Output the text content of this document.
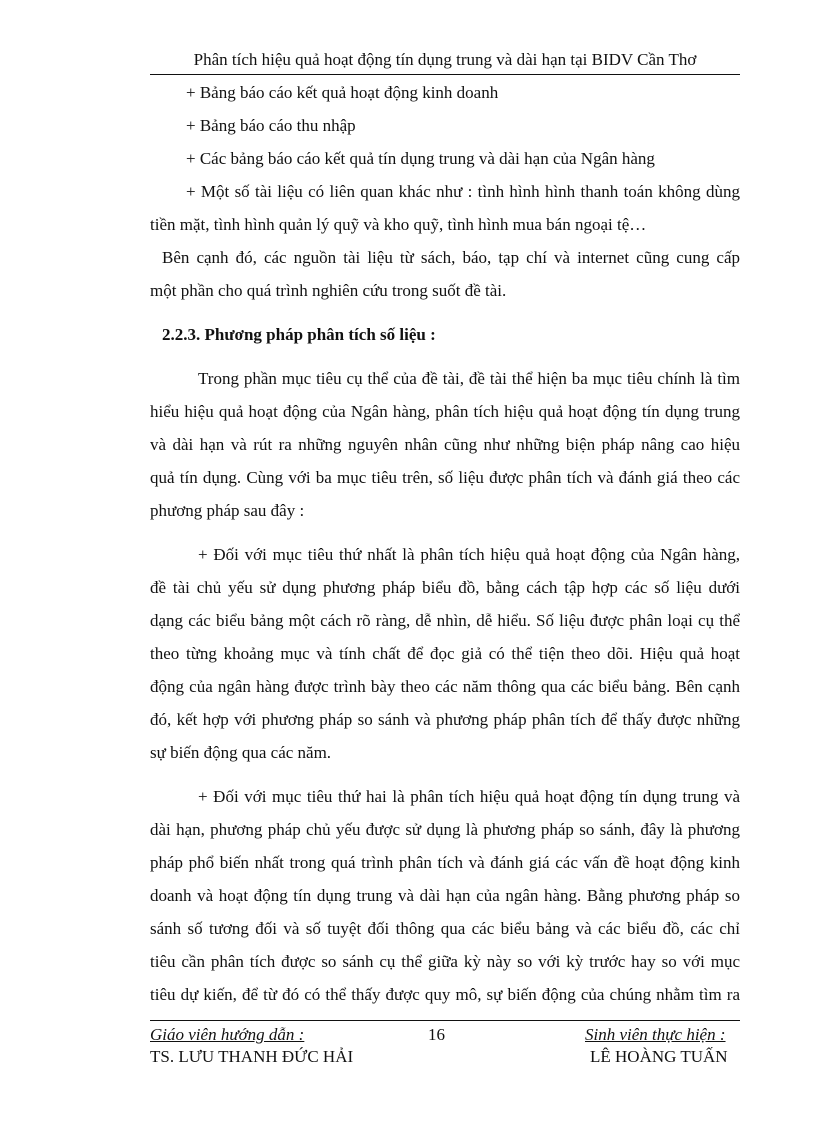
Phân tích hiệu quả hoạt động tín dụng trung và dài hạn tại BIDV Cần Thơ
+ Bảng báo cáo kết quả hoạt động kinh doanh
+ Bảng báo cáo thu nhập
+ Các bảng báo cáo kết quả tín dụng trung và dài hạn của Ngân hàng
+ Một số tài liệu có liên quan khác như : tình hình hình thanh toán không dùng
tiền mặt, tình hình quản lý quỹ và kho quỹ, tình hình mua bán ngoại tệ…
Bên cạnh đó, các nguồn tài liệu từ sách, báo, tạp chí và internet cũng cung cấp
một phần cho quá trình nghiên cứu trong suốt đề tài.
2.2.3. Phương pháp phân tích số liệu :
Trong phần mục tiêu cụ thể của đề tài, đề tài thể hiện ba mục tiêu chính là tìm
hiểu hiệu quả hoạt động của Ngân hàng, phân tích hiệu quả hoạt động tín dụng trung
và dài hạn và rút ra những nguyên nhân cũng như những biện pháp nâng cao hiệu
quả tín dụng. Cùng với ba mục tiêu trên, số liệu được phân tích và đánh giá theo các
phương pháp sau đây :
+ Đối với mục tiêu thứ nhất là phân tích hiệu quả hoạt động của Ngân hàng,
đề tài chủ yếu sử dụng phương pháp biểu đồ, bằng cách tập hợp các số liệu dưới
dạng các biểu bảng một cách rõ ràng, dễ nhìn, dễ hiểu. Số liệu được phân loại cụ thể
theo từng khoảng mục và tính chất để đọc giả có thể tiện theo dõi. Hiệu quả hoạt
động của ngân hàng được trình bày theo các năm thông qua các biểu bảng. Bên cạnh
đó, kết hợp với phương pháp so sánh và phương pháp phân tích để thấy được những
sự biến động qua các năm.
+ Đối với mục tiêu thứ hai là phân tích hiệu quả hoạt động tín dụng trung và
dài hạn, phương pháp chủ yếu được sử dụng là phương pháp so sánh, đây là phương
pháp phổ biến nhất trong quá trình phân tích và đánh giá các vấn đề hoạt động kinh
doanh và hoạt động tín dụng trung và dài hạn của ngân hàng. Bằng phương pháp so
sánh số tương đối và số tuyệt đối thông qua các biểu bảng và các biểu đồ, các chỉ
tiêu cần phân tích được so sánh cụ thể giữa kỳ này so với kỳ trước hay so với mục
tiêu dự kiến, để từ đó có thể thấy được quy mô, sự biến động của chúng nhằm tìm ra
Giáo viên hướng dẫn :
TS. LƯU THANH ĐỨC HẢI
16	Sinh viên thực hiện :
LÊ HOÀNG TUẤN
